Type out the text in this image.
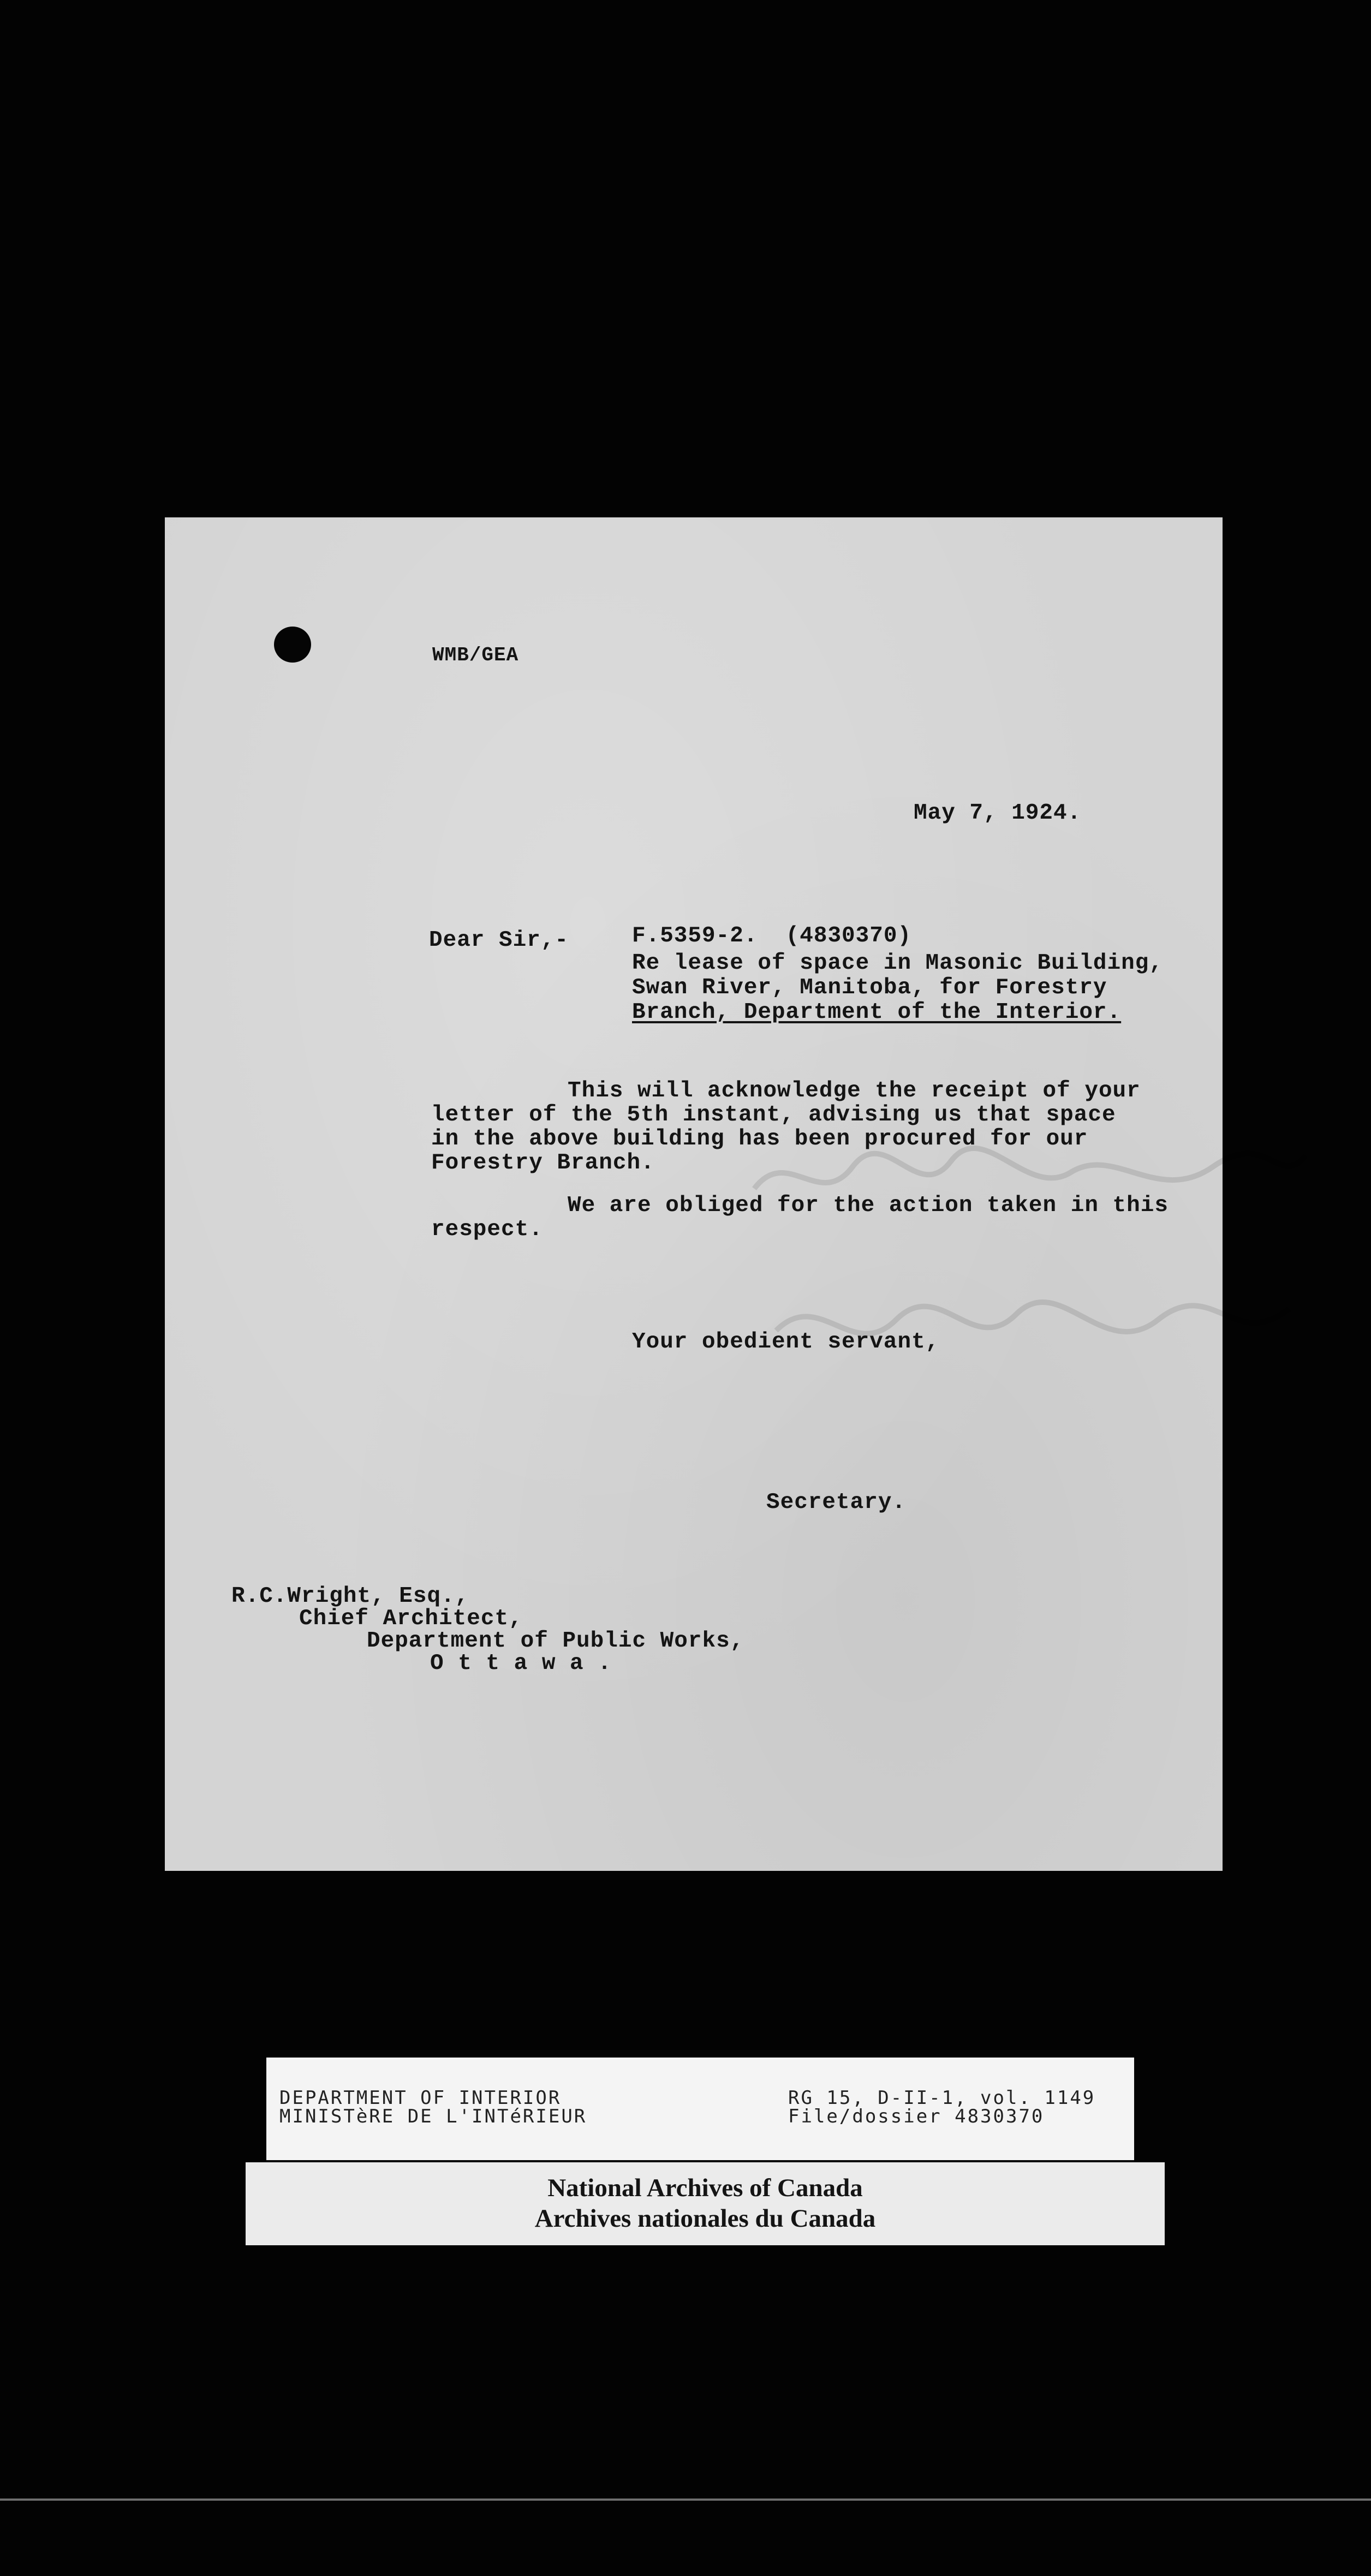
WMB/GEA
May 7, 1924.
Dear Sir,-	F.5359-2.  (4830370)
Re lease of space in Masonic Building,
Swan River, Manitoba, for Forestry
Branch, Department of the Interior.
This will acknowledge the receipt of your
letter of the 5th instant, advising us that space
in the above building has been procured for our
Forestry Branch.
We are obliged for the action taken in this
respect.
Your obedient servant,
Secretary.
R.C.Wright, Esq.,
Chief Architect,
Department of Public Works,
O t t a w a .
DEPARTMENT OF INTERIOR
MINISTèRE DE L'INTéRIEUR
RG 15, D-II-1, vol. 1149
File/dossier 4830370
National Archives of Canada
Archives nationales du Canada
